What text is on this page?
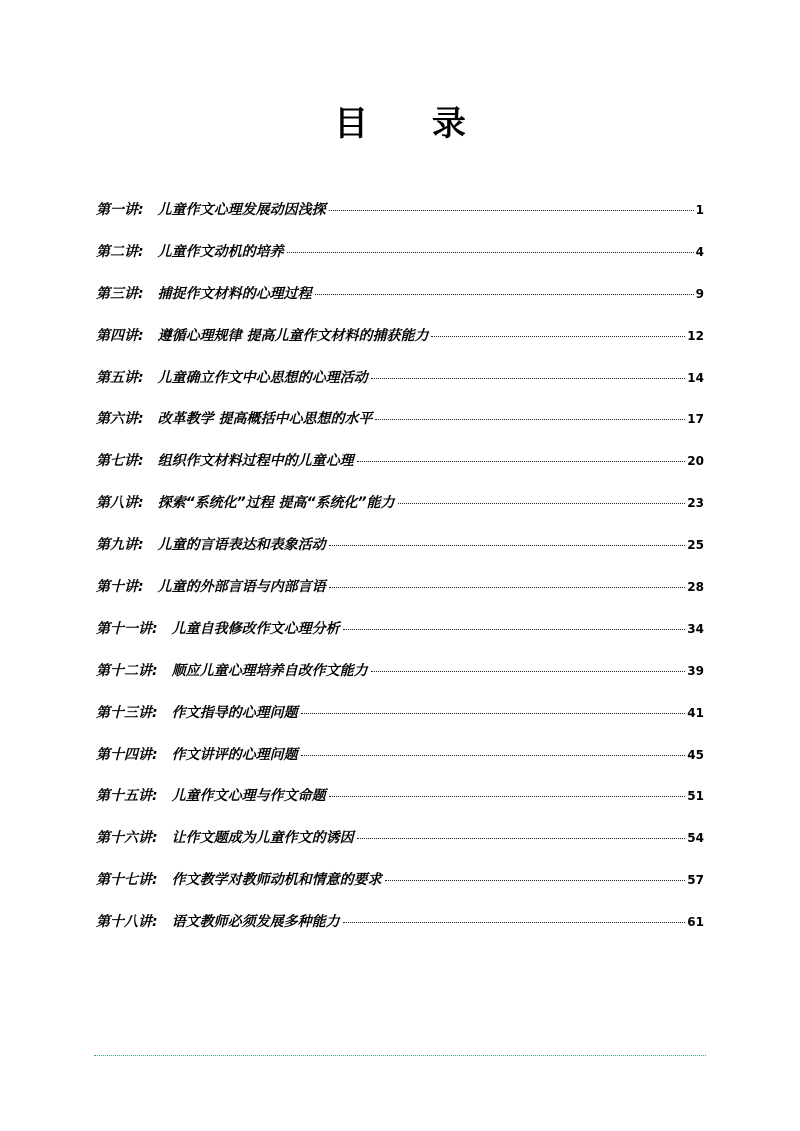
目 录
第一讲:	儿童作文心理发展动因浅探	1
第二讲:	儿童作文动机的培养	4
第三讲:	捕捉作文材料的心理过程	9
第四讲:	遵循心理规律 提高儿童作文材料的捕获能力	12
第五讲:	儿童确立作文中心思想的心理活动	14
第六讲:	改革教学 提高概括中心思想的水平	17
第七讲:	组织作文材料过程中的儿童心理	20
第八讲:	探索“系统化”过程 提高“系统化”能力	23
第九讲:	儿童的言语表达和表象活动	25
第十讲:	儿童的外部言语与内部言语	28
第十一讲:	儿童自我修改作文心理分析	34
第十二讲:	顺应儿童心理培养自改作文能力	39
第十三讲:	作文指导的心理问题	41
第十四讲:	作文讲评的心理问题	45
第十五讲:	儿童作文心理与作文命题	51
第十六讲:	让作文题成为儿童作文的诱因	54
第十七讲:	作文教学对教师动机和情意的要求	57
第十八讲:	语文教师必须发展多种能力	61
